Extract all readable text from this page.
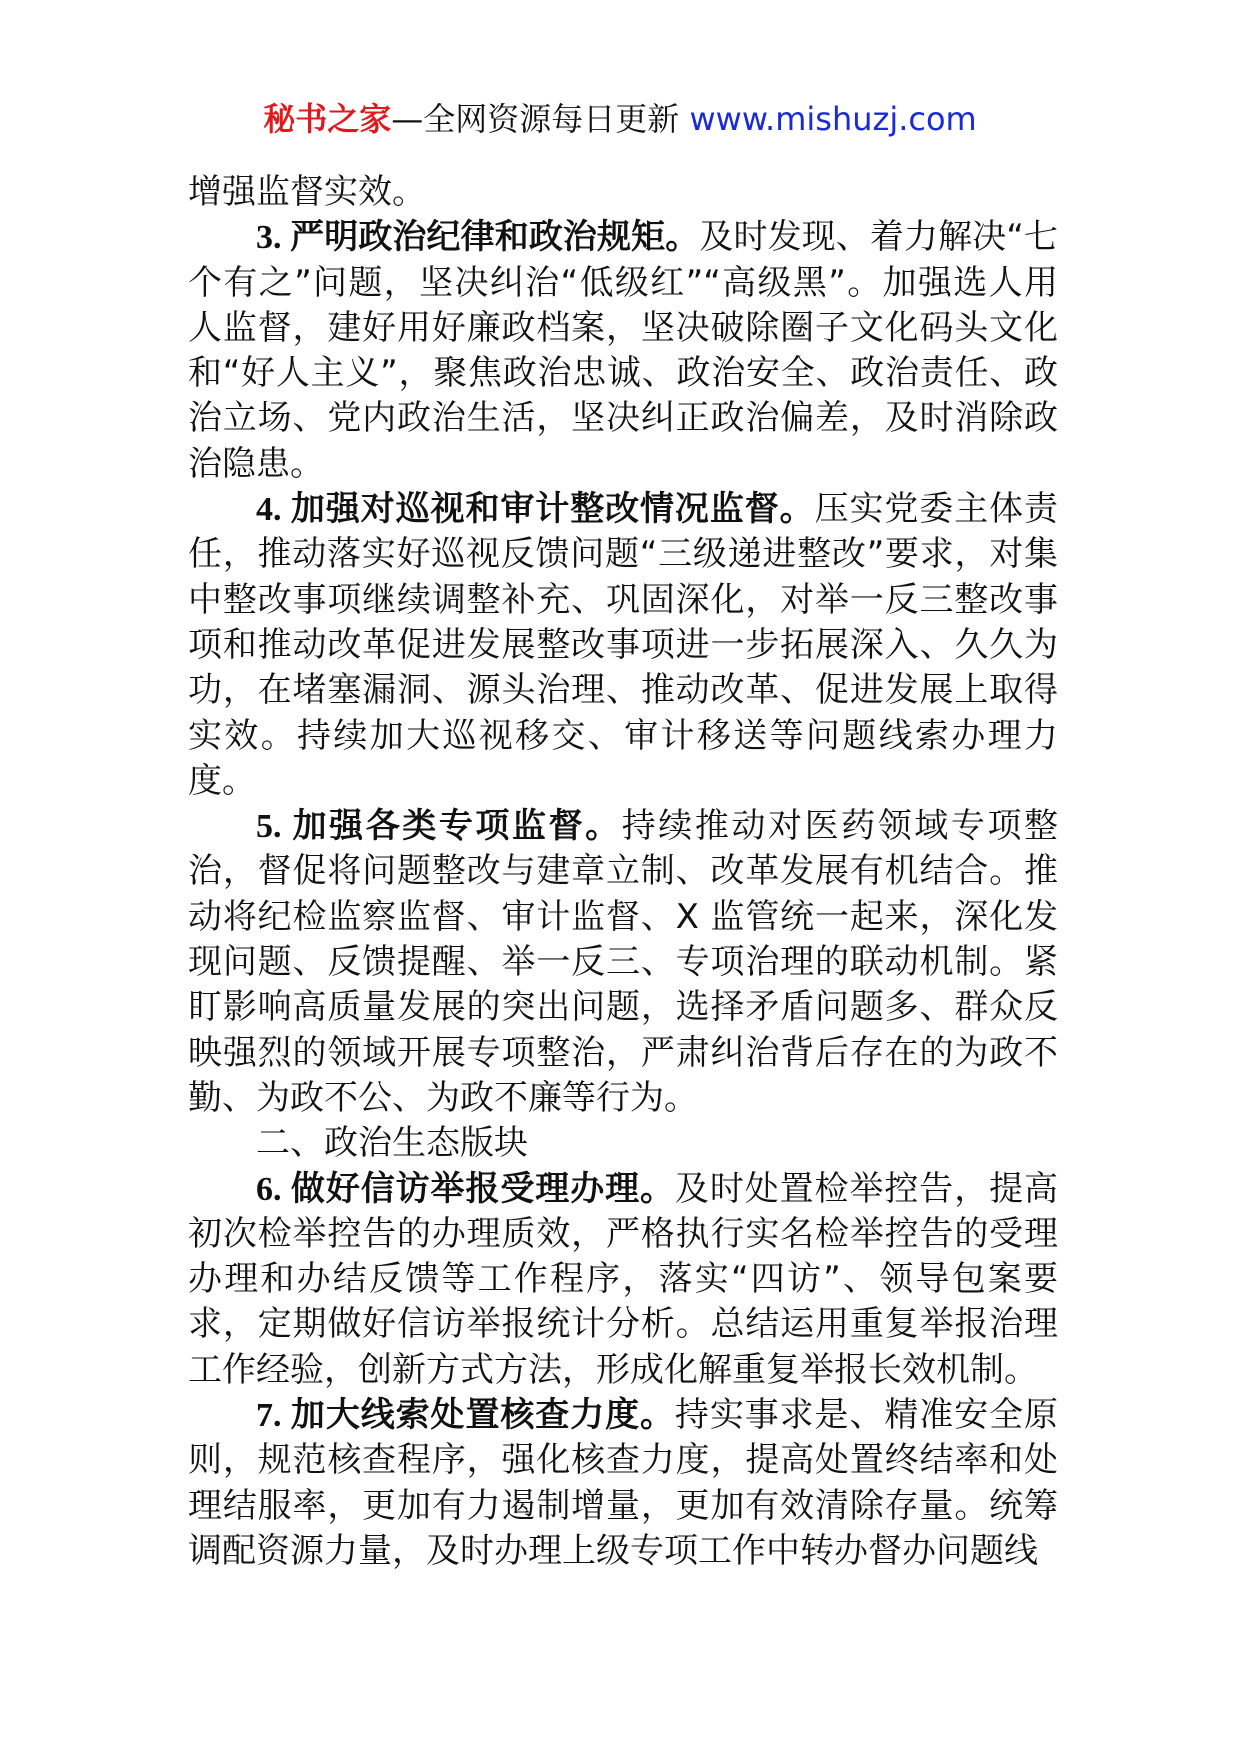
秘书之家—全网资源每日更新 www.mishuzj.com

增强监督实效。

3. 严明政治纪律和政治规矩。及时发现、着力解决“七个有之”问题，坚决纠治“低级红”“高级黑”。加强选人用人监督，建好用好廉政档案，坚决破除圈子文化码头文化和“好人主义”，聚焦政治忠诚、政治安全、政治责任、政治立场、党内政治生活，坚决纠正政治偏差，及时消除政治隐患。

4. 加强对巡视和审计整改情况监督。压实党委主体责任，推动落实好巡视反馈问题“三级递进整改”要求，对集中整改事项继续调整补充、巩固深化，对举一反三整改事项和推动改革促进发展整改事项进一步拓展深入、久久为功，在堵塞漏洞、源头治理、推动改革、促进发展上取得实效。持续加大巡视移交、审计移送等问题线索办理力度。

5. 加强各类专项监督。持续推动对医药领域专项整治，督促将问题整改与建章立制、改革发展有机结合。推动将纪检监察监督、审计监督、X 监管统一起来，深化发现问题、反馈提醒、举一反三、专项治理的联动机制。紧盯影响高质量发展的突出问题，选择矛盾问题多、群众反映强烈的领域开展专项整治，严肃纠治背后存在的为政不勤、为政不公、为政不廉等行为。

二、政治生态版块

6. 做好信访举报受理办理。及时处置检举控告，提高初次检举控告的办理质效，严格执行实名检举控告的受理办理和办结反馈等工作程序，落实“四访”、领导包案要求，定期做好信访举报统计分析。总结运用重复举报治理工作经验，创新方式方法，形成化解重复举报长效机制。

7. 加大线索处置核查力度。持实事求是、精准安全原则，规范核查程序，强化核查力度，提高处置终结率和处理结服率，更加有力遏制增量，更加有效清除存量。统筹调配资源力量，及时办理上级专项工作中转办督办问题线
